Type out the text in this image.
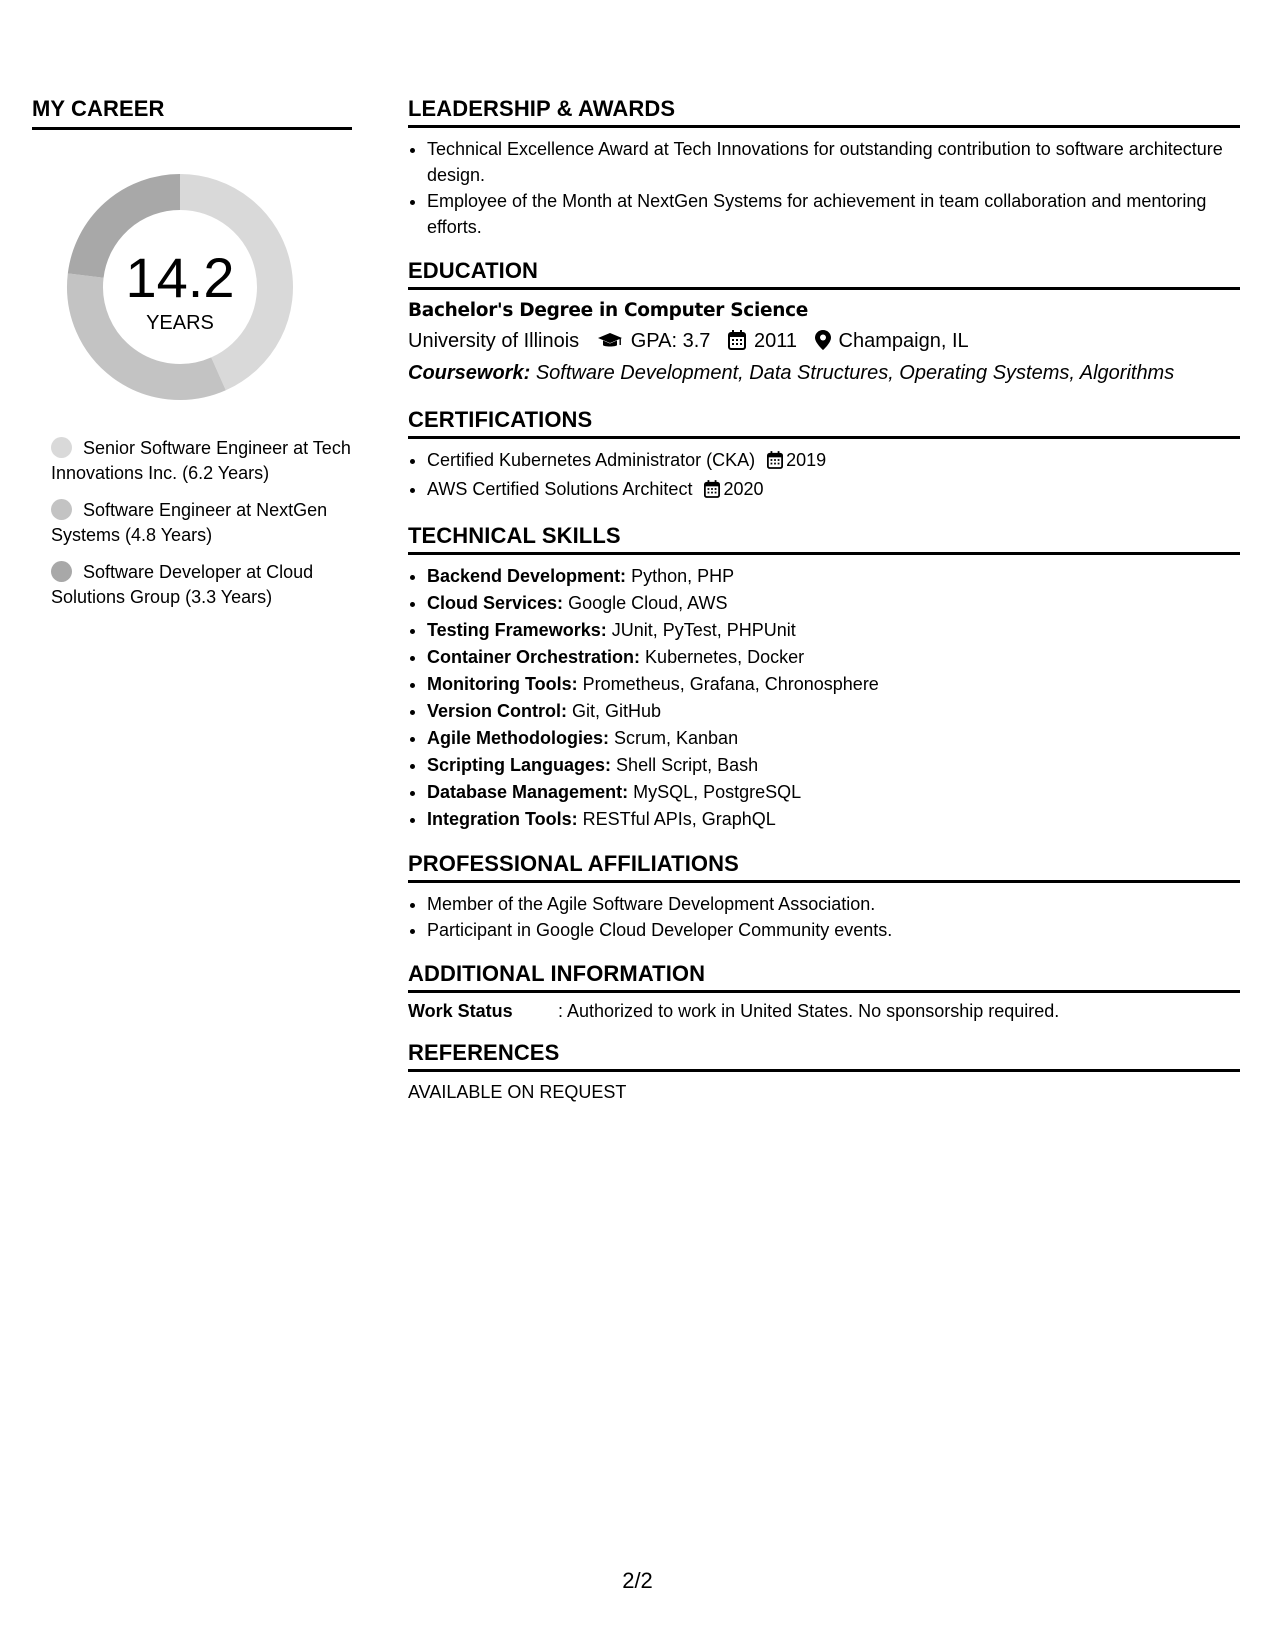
MY CAREER
14.2
YEARS
Senior Software Engineer at Tech Innovations Inc. (6.2 Years)
Software Engineer at NextGen Systems (4.8 Years)
Software Developer at Cloud Solutions Group (3.3 Years)
LEADERSHIP & AWARDS
• Technical Excellence Award at Tech Innovations for outstanding contribution to software architecture design.
• Employee of the Month at NextGen Systems for achievement in team collaboration and mentoring efforts.
EDUCATION
Bachelor's Degree in Computer Science
University of Illinois	GPA: 3.7 2011 Champaign, IL
Coursework: Software Development, Data Structures, Operating Systems, Algorithms
CERTIFICATIONS
• Certified Kubernetes Administrator (CKA) 2019
• AWS Certified Solutions Architect 2020
TECHNICAL SKILLS
• Backend Development: Python, PHP
• Cloud Services: Google Cloud, AWS
• Testing Frameworks: JUnit, PyTest, PHPUnit
• Container Orchestration: Kubernetes, Docker
• Monitoring Tools: Prometheus, Grafana, Chronosphere
• Version Control: Git, GitHub
• Agile Methodologies: Scrum, Kanban
• Scripting Languages: Shell Script, Bash
• Database Management: MySQL, PostgreSQL
• Integration Tools: RESTful APIs, GraphQL
PROFESSIONAL AFFILIATIONS
• Member of the Agile Software Development Association.
• Participant in Google Cloud Developer Community events.
ADDITIONAL INFORMATION
Work Status	: Authorized to work in United States. No sponsorship required.
REFERENCES
AVAILABLE ON REQUEST
2/2
